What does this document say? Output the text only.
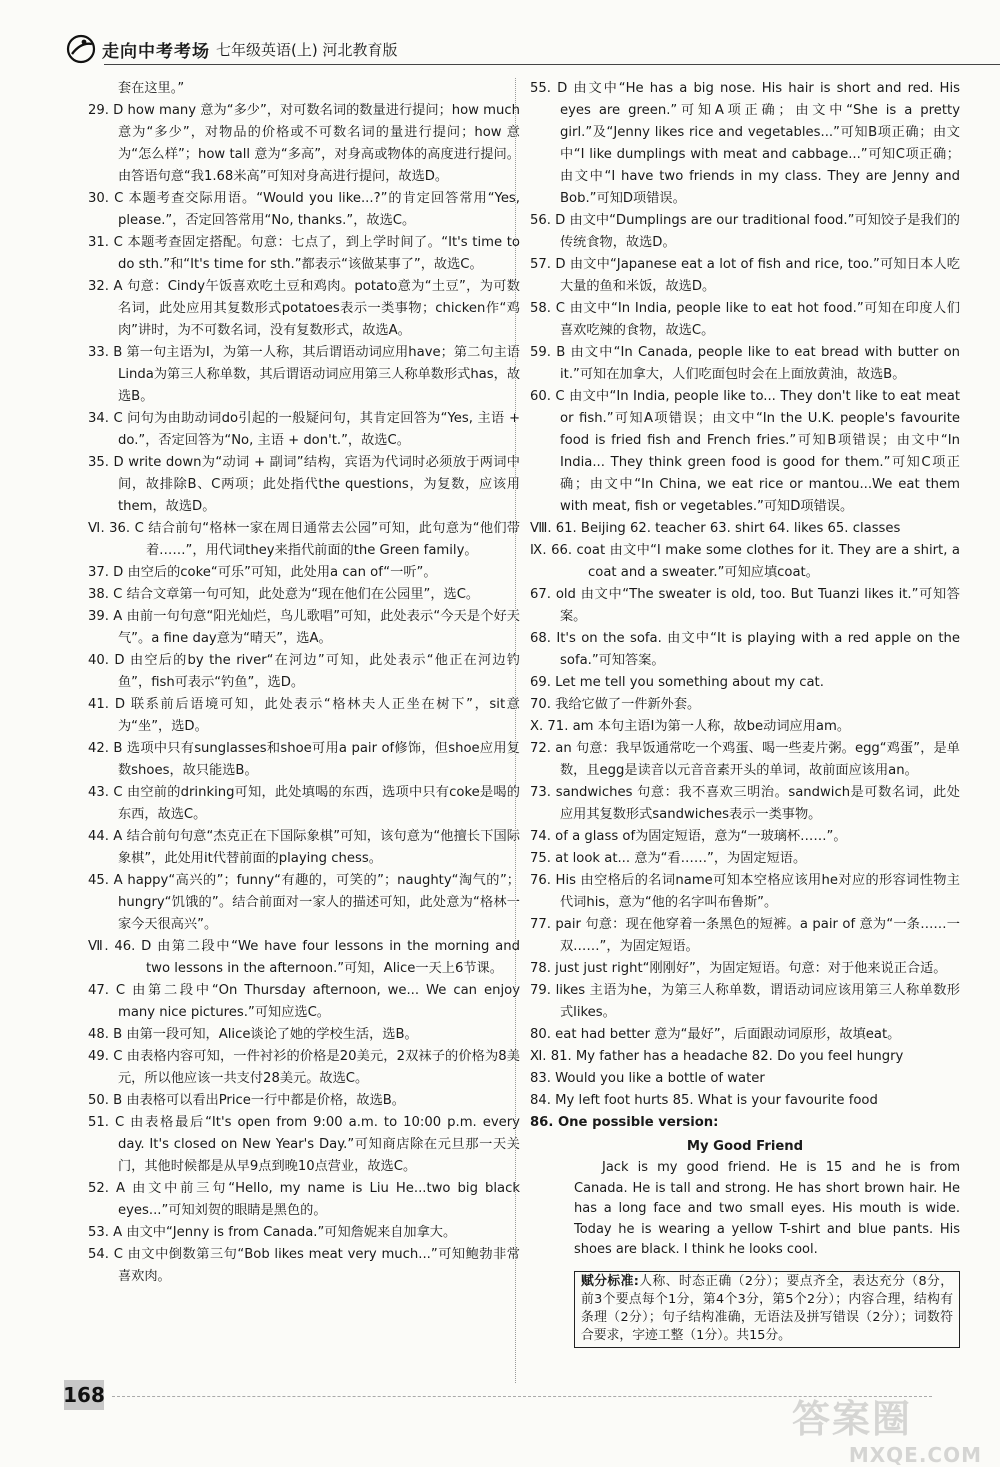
走向中考考场 七年级英语(上) 河北教育版
套在这里。”
29. D how many 意为“多少”，对可数名词的数量进行提问；how much 意为“多少”，对物品的价格或不可数名词的量进行提问；how 意为“怎么样”；how tall 意为“多高”，对身高或物体的高度进行提问。由答语句意“我1.68米高”可知对身高进行提问，故选D。
30. C 本题考查交际用语。“Would you like...?”的肯定回答常用“Yes, please.”，否定回答常用“No, thanks.”，故选C。
31. C 本题考查固定搭配。句意：七点了，到上学时间了。“It's time to do sth.”和“It's time for sth.”都表示“该做某事了”，故选C。
32. A 句意：Cindy午饭喜欢吃土豆和鸡肉。potato意为“土豆”，为可数名词，此处应用其复数形式potatoes表示一类事物；chicken作“鸡肉”讲时，为不可数名词，没有复数形式，故选A。
33. B 第一句主语为I，为第一人称，其后谓语动词应用have；第二句主语Linda为第三人称单数，其后谓语动词应用第三人称单数形式has，故选B。
34. C 问句为由助动词do引起的一般疑问句，其肯定回答为“Yes, 主语 + do.”，否定回答为“No, 主语 + don't.”，故选C。
35. D write down为“动词 + 副词”结构，宾语为代词时必须放于两词中间，故排除B、C两项；此处指代the questions，为复数，应该用them，故选D。
Ⅵ. 36. C 结合前句“格林一家在周日通常去公园”可知，此句意为“他们带着……”，用代词they来指代前面的the Green family。
37. D 由空后的coke“可乐”可知，此处用a can of“一听”。
38. C 结合文章第一句可知，此处意为“现在他们在公园里”，选C。
39. A 由前一句句意“阳光灿烂，鸟儿歌唱”可知，此处表示“今天是个好天气”。a fine day意为“晴天”，选A。
40. D 由空后的by the river“在河边”可知，此处表示“他正在河边钓鱼”，fish可表示“钓鱼”，选D。
41. D 联系前后语境可知，此处表示“格林夫人正坐在树下”，sit意为“坐”，选D。
42. B 选项中只有sunglasses和shoe可用a pair of修饰，但shoe应用复数shoes，故只能选B。
43. C 由空前的drinking可知，此处填喝的东西，选项中只有coke是喝的东西，故选C。
44. A 结合前句句意“杰克正在下国际象棋”可知，该句意为“他擅长下国际象棋”，此处用it代替前面的playing chess。
45. A happy“高兴的”；funny“有趣的，可笑的”；naughty“淘气的”；hungry“饥饿的”。结合前面对一家人的描述可知，此处意为“格林一家今天很高兴”。
Ⅶ. 46. D 由第二段中“We have four lessons in the morning and two lessons in the afternoon.”可知，Alice一天上6节课。
47. C 由第二段中“On Thursday afternoon, we... We can enjoy many nice pictures.”可知应选C。
48. B 由第一段可知，Alice谈论了她的学校生活，选B。
49. C 由表格内容可知，一件衬衫的价格是20美元，2双袜子的价格为8美元，所以他应该一共支付28美元。故选C。
50. B 由表格可以看出Price一行中都是价格，故选B。
51. C 由表格最后“It's open from 9:00 a.m. to 10:00 p.m. every day. It's closed on New Year's Day.”可知商店除在元旦那一天关门，其他时候都是从早9点到晚10点营业，故选C。
52. A 由文中前三句“Hello, my name is Liu He...two big black eyes...”可知刘贺的眼睛是黑色的。
53. A 由文中“Jenny is from Canada.”可知詹妮来自加拿大。
54. C 由文中倒数第三句“Bob likes meat very much...”可知鲍勃非常喜欢肉。
55. D 由文中“He has a big nose. His hair is short and red. His eyes are green.”可知A项正确；由文中“She is a pretty girl.”及“Jenny likes rice and vegetables...”可知B项正确；由文中“I like dumplings with meat and cabbage...”可知C项正确；由文中“I have two friends in my class. They are Jenny and Bob.”可知D项错误。
56. D 由文中“Dumplings are our traditional food.”可知饺子是我们的传统食物，故选D。
57. D 由文中“Japanese eat a lot of fish and rice, too.”可知日本人吃大量的鱼和米饭，故选D。
58. C 由文中“In India, people like to eat hot food.”可知在印度人们喜欢吃辣的食物，故选C。
59. B 由文中“In Canada, people like to eat bread with butter on it.”可知在加拿大，人们吃面包时会在上面放黄油，故选B。
60. C 由文中“In India, people like to... They don't like to eat meat or fish.”可知A项错误；由文中“In the U.K. people's favourite food is fried fish and French fries.”可知B项错误；由文中“In India... They think green food is good for them.”可知C项正确；由文中“In China, we eat rice or mantou...We eat them with meat, fish or vegetables.”可知D项错误。
Ⅷ. 61. Beijing 62. teacher 63. shirt 64. likes 65. classes
Ⅸ. 66. coat 由文中“I make some clothes for it. They are a shirt, a coat and a sweater.”可知应填coat。
67. old 由文中“The sweater is old, too. But Tuanzi likes it.”可知答案。
68. It's on the sofa. 由文中“It is playing with a red apple on the sofa.”可知答案。
69. Let me tell you something about my cat.
70. 我给它做了一件新外套。
Ⅹ. 71. am 本句主语I为第一人称，故be动词应用am。
72. an 句意：我早饭通常吃一个鸡蛋、喝一些麦片粥。egg“鸡蛋”，是单数，且egg是读音以元音音素开头的单词，故前面应该用an。
73. sandwiches 句意：我不喜欢三明治。sandwich是可数名词，此处应用其复数形式sandwiches表示一类事物。
74. of a glass of为固定短语，意为“一玻璃杯……”。
75. at look at... 意为“看……”，为固定短语。
76. His 由空格后的名词name可知本空格应该用he对应的形容词性物主代词his，意为“他的名字叫布鲁斯”。
77. pair 句意：现在他穿着一条黑色的短裤。a pair of 意为“一条……一双……”，为固定短语。
78. just just right“刚刚好”，为固定短语。句意：对于他来说正合适。
79. likes 主语为he，为第三人称单数，谓语动词应该用第三人称单数形式likes。
80. eat had better 意为“最好”，后面跟动词原形，故填eat。
Ⅺ. 81. My father has a headache 82. Do you feel hungry
83. Would you like a bottle of water
84. My left foot hurts 85. What is your favourite food
86. One possible version:
My Good Friend
Jack is my good friend. He is 15 and he is from Canada. He is tall and strong. He has short brown hair. He has a long face and two small eyes. His mouth is wide. Today he is wearing a yellow T-shirt and blue pants. His shoes are black. I think he looks cool.
赋分标准:人称、时态正确（2分）；要点齐全，表达充分（8分，前3个要点每个1分，第4个3分，第5个2分）；内容合理，结构有条理（2分）；句子结构准确，无语法及拼写错误（2分）；词数符合要求，字迹工整（1分）。共15分。
168
答案圈
MXQE.COM
